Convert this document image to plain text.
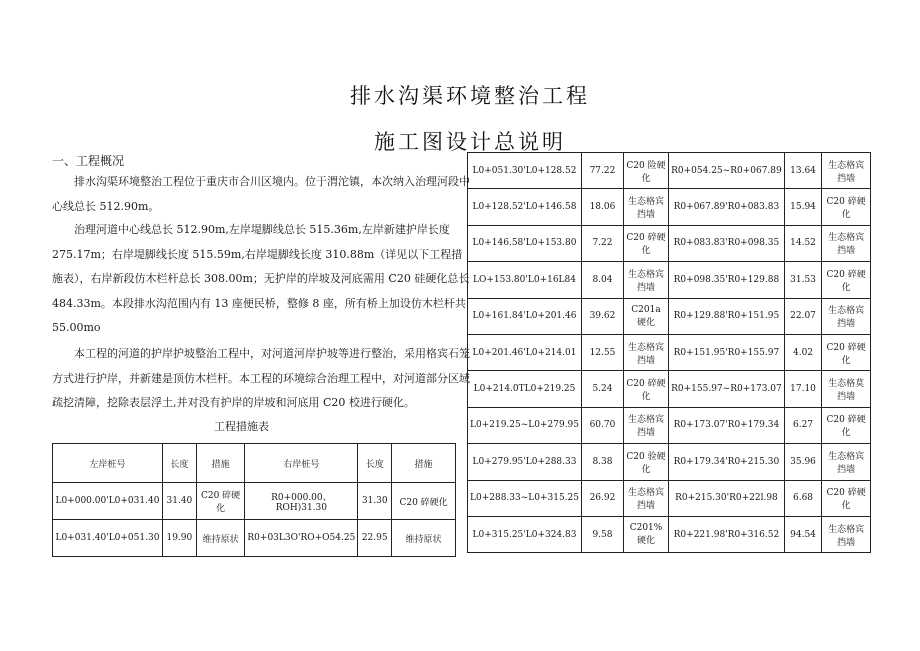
排水沟渠环境整治工程
施工图设计总说明
一、工程概况
排水沟渠环境整治工程位于重庆市合川区境内。位于渭沱镇，本次纳入治理河段中心线总长 512.90m。
治理河道中心线总长 512.90m,左岸堤脚线总长 515.36m,左岸新建护岸长度 275.17m；右岸堤脚线长度 515.59m,右岸堤脚线长度 310.88m（详见以下工程措施表），右岸新段仿木栏杆总长 308.00m；无护岸的岸坡及河底需用 C20 硅硬化总长 484.33m。本段排水沟范围内有 13 座便民桥，整修 8 座，所有桥上加设仿木栏杆共 55.00mo
本工程的河道的护岸护坡整治工程中，对河道河岸护坡等进行整治，采用格宾石笼方式进行护岸，并新建是顶仿木栏杆。本工程的环境综合治理工程中，对河道部分区域疏挖清障，挖除表层浮土,并对没有护岸的岸坡和河底用 C20 校进行硬化。
工程措施表
左岸桩号	长度	措施	右岸桩号	长度	措施
L0+000.00'L0+031.40	31.40	C20 碎硬化	R0+000.00、ROH)31.30	31.30	C20 碎硬化
L0+031.40'L0+051.30	19.90	维持原状	R0+03L3O'RO+O54.25	22.95	维持原状
L0+051.30'L0+128.52	77.22	C20 险硬化	R0+054.25~R0+067.89	13.64	生态格宾挡墙
L0+128.52'L0+146.58	18.06	生态格宾挡墙	R0+067.89'R0+083.83	15.94	C20 碎硬化
L0+146.58'L0+153.80	7.22	C20 碎硬化	R0+083.83'R0+098.35	14.52	生态格宾挡墙
LO+153.80'L0+16L84	8.04	生态格宾挡墙	R0+098.35'R0+129.88	31.53	C20 碎硬化
L0+161.84'L0+201.46	39.62	C201a 硬化	R0+129.88'R0+151.95	22.07	生态格宾挡墙
L0+201.46'L0+214.01	12.55	生态格宾挡墙	R0+151.95'R0+155.97	4.02	C20 碎硬化
L0+214.0TL0+219.25	5.24	C20 碎硬化	R0+155.97~R0+173.07	17.10	生态格莫挡墙
L0+219.25~L0+279.95	60.70	生态格宾挡墙	R0+173.07'R0+179.34	6.27	C20 碎硬化
L0+279.95'L0+288.33	8.38	C20 验硬化	R0+179.34'R0+215.30	35.96	生态格宾挡墙
L0+288.33~L0+315.25	26.92	生态格宾挡墙	R0+215.30'R0+22l.98	6.68	C20 碎硬化
L0+315.25'L0+324.83	9.58	C201%硬化	R0+221.98'R0+316.52	94.54	生态格宾挡墙
